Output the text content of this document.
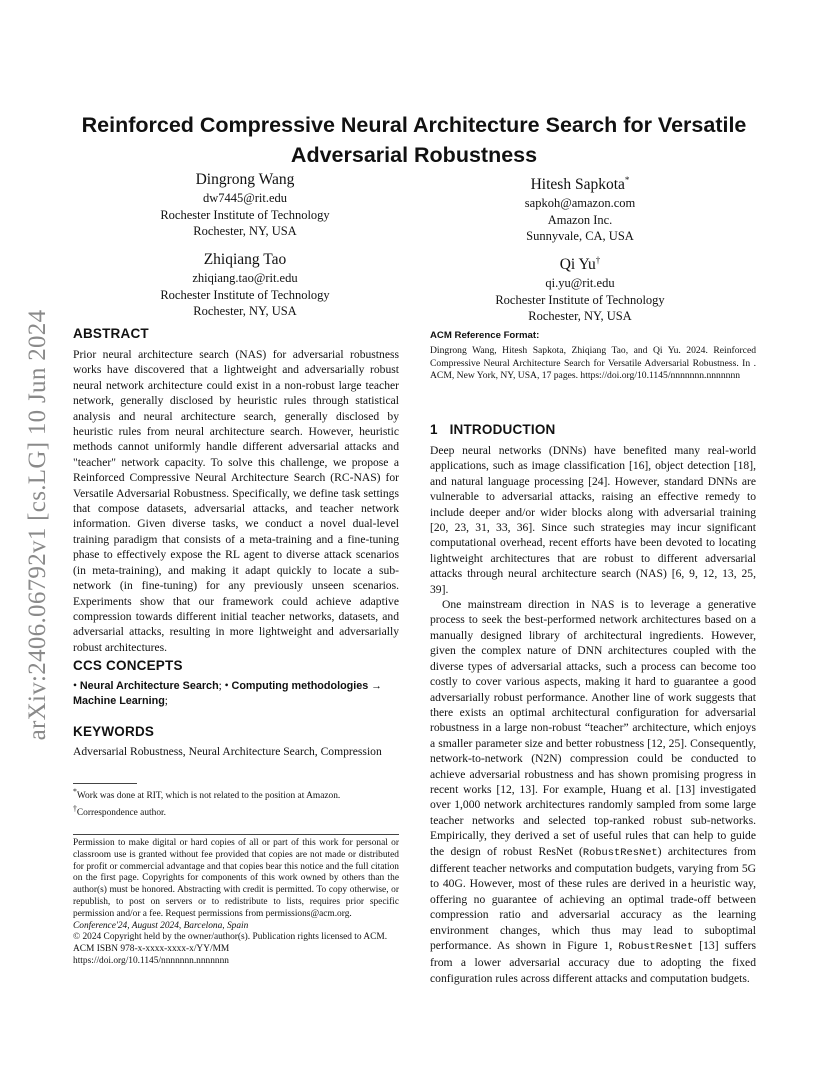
arXiv:2406.06792v1 [cs.LG] 10 Jun 2024
Reinforced Compressive Neural Architecture Search for Versatile Adversarial Robustness
Dingrong Wang
dw7445@rit.edu
Rochester Institute of Technology
Rochester, NY, USA
Hitesh Sapkota*
sapkoh@amazon.com
Amazon Inc.
Sunnyvale, CA, USA
Zhiqiang Tao
zhiqiang.tao@rit.edu
Rochester Institute of Technology
Rochester, NY, USA
Qi Yu†
qi.yu@rit.edu
Rochester Institute of Technology
Rochester, NY, USA
ABSTRACT

Prior neural architecture search (NAS) for adversarial robustness works have discovered that a lightweight and adversarially robust neural network architecture could exist in a non-robust large teacher network, generally disclosed by heuristic rules through statistical analysis and neural architecture search, generally disclosed by heuristic rules from neural architecture search. However, heuristic methods cannot uniformly handle different adversarial attacks and "teacher" network capacity. To solve this challenge, we propose a Reinforced Compressive Neural Architecture Search (RC-NAS) for Versatile Adversarial Robustness. Specifically, we define task settings that compose datasets, adversarial attacks, and teacher network information. Given diverse tasks, we conduct a novel dual-level training paradigm that consists of a meta-training and a fine-tuning phase to effectively expose the RL agent to diverse attack scenarios (in meta-training), and making it adapt quickly to locate a sub-network (in fine-tuning) for any previously unseen scenarios. Experiments show that our framework could achieve adaptive compression towards different initial teacher networks, datasets, and adversarial attacks, resulting in more lightweight and adversarially robust architectures.

CCS CONCEPTS
• Neural Architecture Search; • Computing methodologies → Machine Learning;
KEYWORDS
Adversarial Robustness, Neural Architecture Search, Compression

*Work was done at RIT, which is not related to the position at Amazon.

†Correspondence author.

Permission to make digital or hard copies of all or part of this work for personal or classroom use is granted without fee provided that copies are not made or distributed for profit or commercial advantage and that copies bear this notice and the full citation on the first page. Copyrights for components of this work owned by others than the author(s) must be honored. Abstracting with credit is permitted. To copy otherwise, or republish, to post on servers or to redistribute to lists, requires prior specific permission and/or a fee. Request permissions from permissions@acm.org.

Conference'24, August 2024, Barcelona, Spain

© 2024 Copyright held by the owner/author(s). Publication rights licensed to ACM.

ACM ISBN 978-x-xxxx-xxxx-x/YY/MM

https://doi.org/10.1145/nnnnnnn.nnnnnnn

ACM Reference Format:
Dingrong Wang, Hitesh Sapkota, Zhiqiang Tao, and Qi Yu. 2024. Reinforced Compressive Neural Architecture Search for Versatile Adversarial Robustness. In . ACM, New York, NY, USA, 17 pages. https://doi.org/10.1145/nnnnnnn.nnnnnnn
1 INTRODUCTION

Deep neural networks (DNNs) have benefited many real-world applications, such as image classification [16], object detection [18], and natural language processing [24]. However, standard DNNs are vulnerable to adversarial attacks, raising an effective remedy to include deeper and/or wider blocks along with adversarial training [20, 23, 31, 33, 36]. Since such strategies may incur significant computational overhead, recent efforts have been devoted to locating lightweight architectures that are robust to different adversarial attacks through neural architecture search (NAS) [6, 9, 12, 13, 25, 39].

One mainstream direction in NAS is to leverage a generative process to seek the best-performed network architectures based on a manually designed library of architectural ingredients. However, given the complex nature of DNN architectures coupled with the diverse types of adversarial attacks, such a process can become too costly to cover various aspects, making it hard to guarantee a good adversarially robust performance. Another line of work suggests that there exists an optimal architectural configuration for adversarial robustness in a large non-robust “teacher” architecture, which enjoys a smaller parameter size and better robustness [12, 25]. Consequently, network-to-network (N2N) compression could be conducted to achieve adversarial robustness and has shown promising progress in recent works [12, 13]. For example, Huang et al. [13] investigated over 1,000 network architectures randomly sampled from some large teacher networks and selected top-ranked robust sub-networks. Empirically, they derived a set of useful rules that can help to guide the design of robust ResNet (RobustResNet) architectures from different teacher networks and computation budgets, varying from 5G to 40G. However, most of these rules are derived in a heuristic way, offering no guarantee of achieving an optimal trade-off between compression ratio and adversarial accuracy as the learning environment changes, which thus may lead to suboptimal performance. As shown in Figure 1, RobustResNet [13] suffers from a lower adversarial accuracy due to adopting the fixed configuration rules across different attacks and computation budgets.
